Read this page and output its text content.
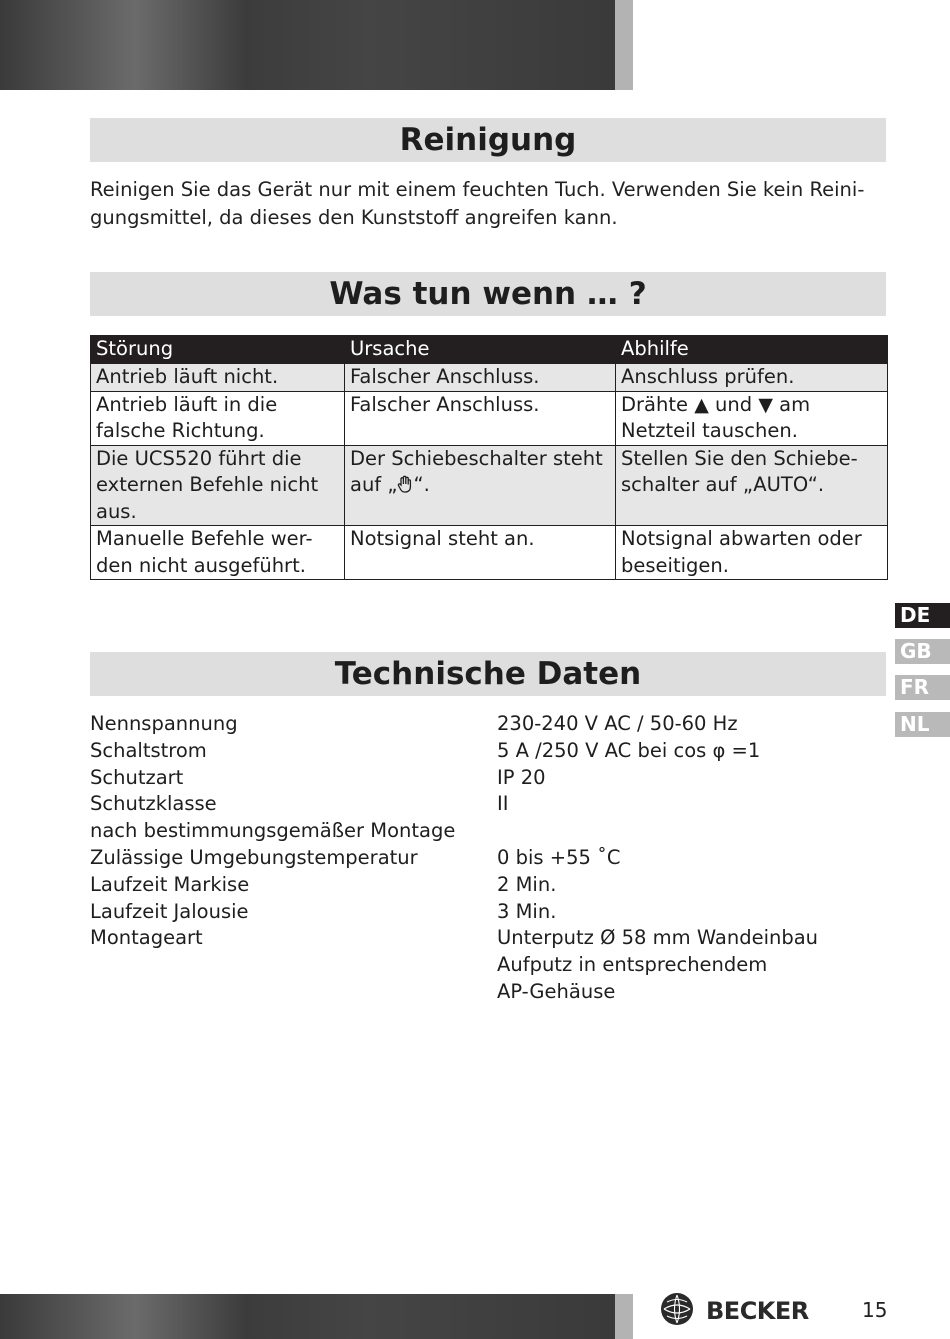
Reinigung
Reinigen Sie das Gerät nur mit einem feuchten Tuch. Verwenden Sie kein Reini-gungsmittel, da dieses den Kunststoff angreifen kann.
Was tun wenn … ?
Störung	Ursache	Abhilfe
Antrieb läuft nicht.	Falscher Anschluss.	Anschluss prüfen.
Antrieb läuft in die falsche Richtung.	Falscher Anschluss.	Drähte ▲ und ▼ am Netzteil tauschen.
Die UCS520 führt die externen Befehle nicht aus.	Der Schiebeschalter steht auf „ “.	Stellen Sie den Schiebe-schalter auf „AUTO“.
Manuelle Befehle wer-den nicht ausgeführt.	Notsignal steht an.	Notsignal abwarten oder beseitigen.
Technische Daten
Nennspannung	230-240 V AC / 50-60 Hz
Schaltstrom	5 A /250 V AC bei cos φ =1
Schutzart	IP 20
Schutzklasse	II
nach bestimmungsgemäßer Montage
Zulässige Umgebungstemperatur	0 bis +55 ˚C
Laufzeit Markise	2 Min.
Laufzeit Jalousie	3 Min.
Montageart	Unterputz Ø 58 mm Wandeinbau
Aufputz in entsprechendem
AP-Gehäuse
DE
GB
FR
NL
BECKER	15
